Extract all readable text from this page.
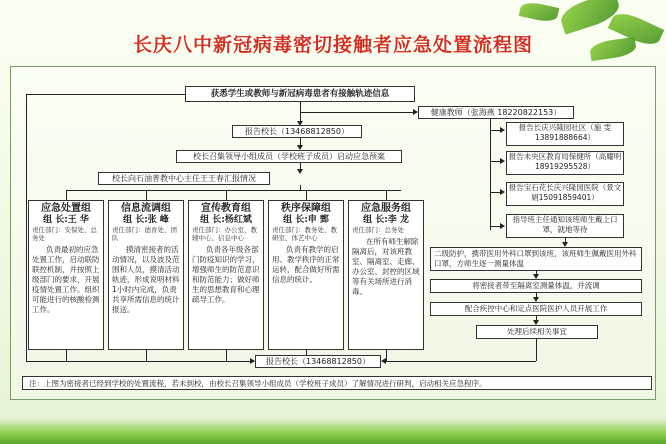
长庆八中新冠病毒密切接触者应急处置流程图
获悉学生或教师与新冠病毒患者有接触轨迹信息
健康教师（张海燕 18220822153）
报告校长（13468812850）
校长召集领导小组成员（学校班子成员）启动应急预案
校长向石油普教中心主任王王春汇报情况
应急处置组
组 长:王 华
责任部门：安保处、总务处
负责最初的应急处置工作，启动联防联控机制，并按照上级部门的要求，开展疫情处置工作。组织可能进行的核酸检测工作。
信息流调组
组 长:张 峰
责任部门：德育处、团队
摸清密接者的活动情况，以及波及范围和人员，摸清活动轨迹，形成说明材料1小时内完成，负责共享所需信息的统计报送。
宣传教育组
组 长:杨红斌
责任部门：办公室、教辅中心、信息中心
负责各年级各部门防疫知识的学习，增强师生的防范意识和防范能力；做好师生的思想教育和心理疏导工作。
秩序保障组
组 长:申 鄄
责任部门：教务处、教研室、体艺中心
负责有教学的启用、教学秩序的正常运转，配合做好所需信息的统计。
应急服务组
组 长:李 龙
责任部门：总务处
在所有师生解除隔离后，对该班教室、隔离室、走廊、办公室、封控的区域等有关场所进行消毒。
报告长庆兴隆园社区（施 雯 13891888664）
报告未央区教育局保健所（高耀明18919295528）
报告宝石花长庆兴隆园医院（景文娟15091859401）
指导班主任通知该班师生戴上口罩，就地等待
二级防护，携带医用外科口罩到该班，该班师生佩戴医用外科口罩，方师生逐一测量体温
将密接者带至隔离室测量体温，并流调
配合疾控中心和定点医院医护人员开展工作
处理后续相关事宜
报告校长（13468812850）
注：上图为密接者已经到学校的处置流程，若未到校，由校长召集领导小组成员（学校班子成员）了解情况进行研判，启动相关应急程序。
